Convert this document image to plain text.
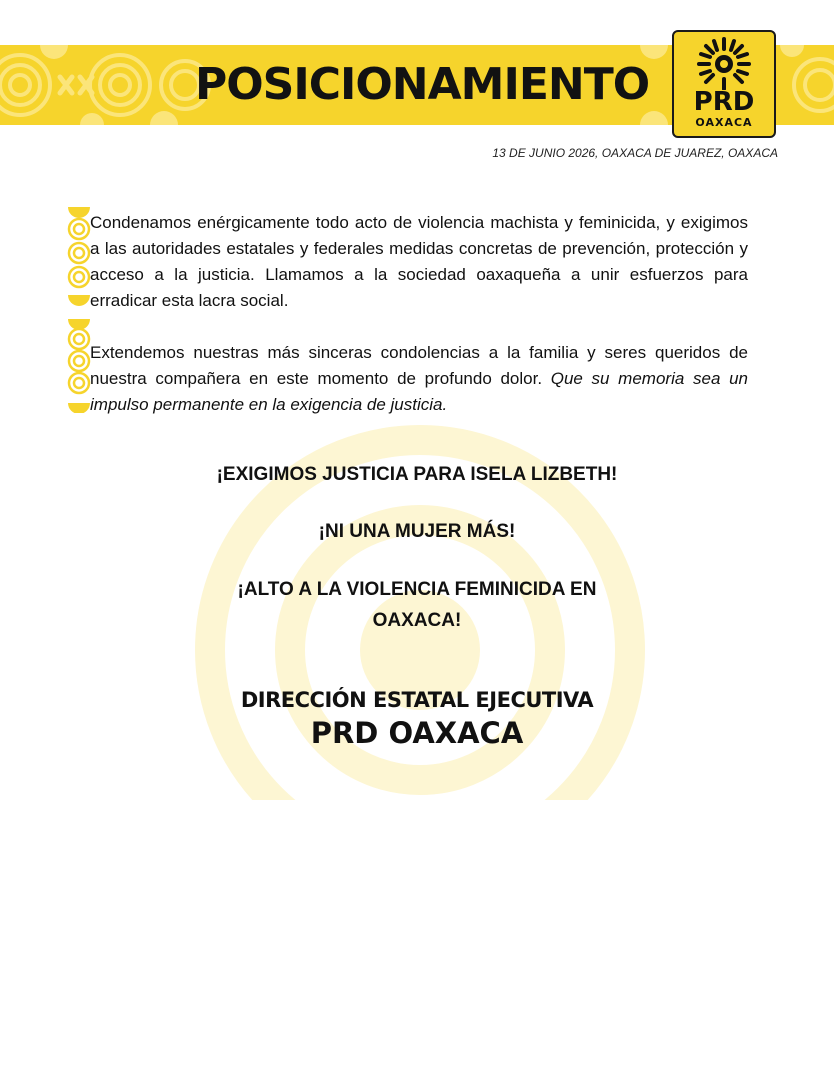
POSICIONAMIENTO	PRD
OAXACA
13 DE JUNIO 2026, OAXACA DE JUAREZ, OAXACA
Condenamos enérgicamente todo acto de violencia machista y feminicida, y exigimos a las autoridades estatales y federales medidas concretas de prevención, protección y acceso a la justicia. Llamamos a la sociedad oaxaqueña a unir esfuerzos para erradicar esta lacra social.
Extendemos nuestras más sinceras condolencias a la familia y seres queridos de nuestra compañera en este momento de profundo dolor. Que su memoria sea un impulso permanente en la exigencia de justicia.
¡EXIGIMOS JUSTICIA PARA ISELA LIZBETH!
¡NI UNA MUJER MÁS!
¡ALTO A LA VIOLENCIA FEMINICIDA EN OAXACA!
DIRECCIÓN ESTATAL EJECUTIVA
PRD OAXACA
